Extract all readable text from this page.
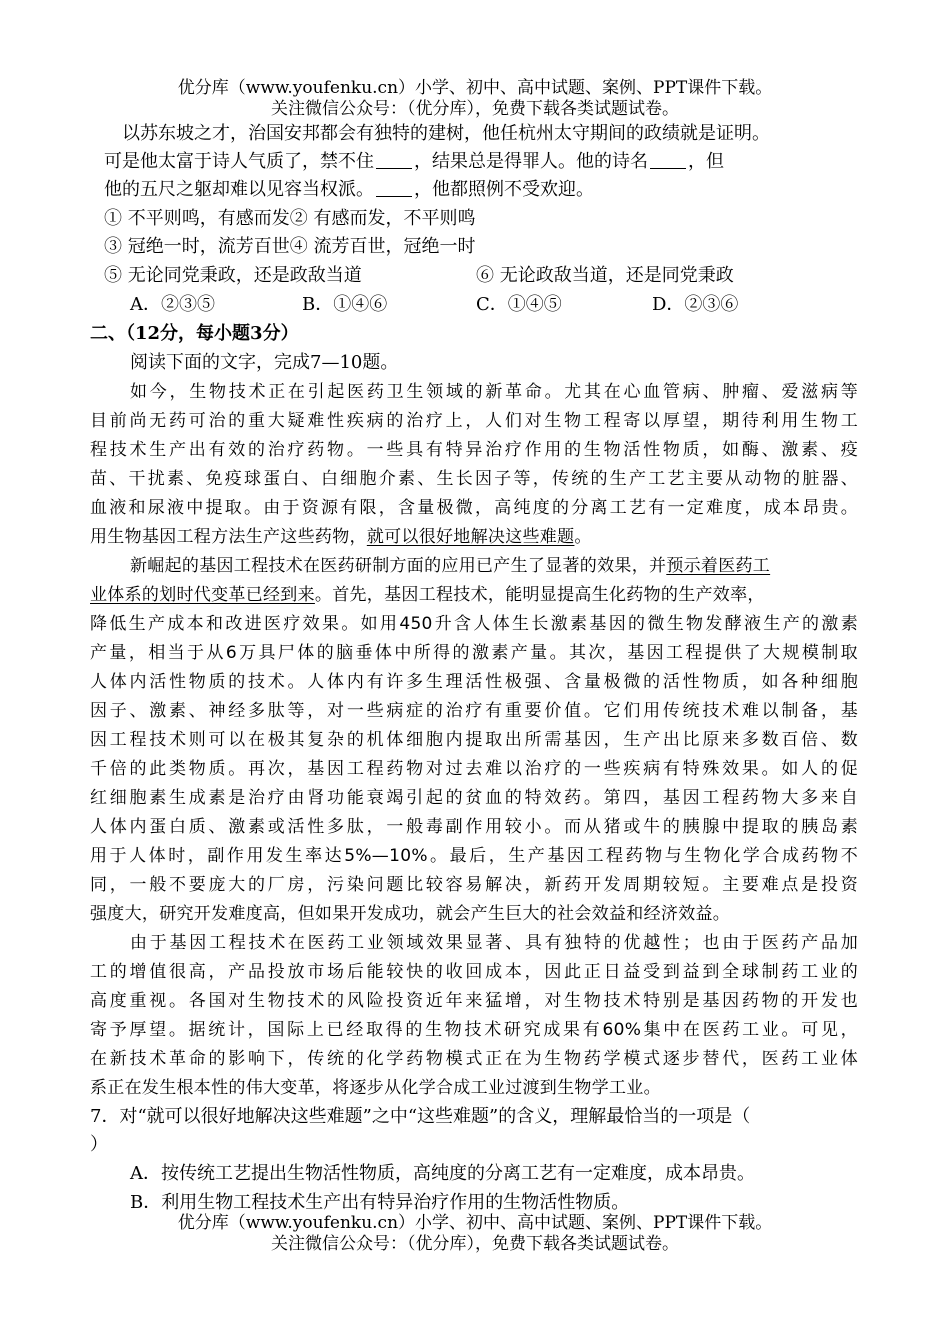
优分库（www.youfenku.cn）小学、初中、高中试题、案例、PPT课件下载。
关注微信公众号：（优分库），免费下载各类试题试卷。
以苏东坡之才，治国安邦都会有独特的建树，他任杭州太守期间的政绩就是证明。
可是他太富于诗人气质了，禁不住 ，结果总是得罪人。他的诗名 ，但
他的五尺之躯却难以见容当权派。 ，他都照例不受欢迎。
① 不平则鸣，有感而发② 有感而发，不平则鸣
③ 冠绝一时，流芳百世④ 流芳百世，冠绝一时
⑤ 无论同党秉政，还是政敌当道	⑥ 无论政敌当道，还是同党秉政
A．②③⑤	B．①④⑥	C．①④⑤	D．②③⑥
二、（12分，每小题3分）
阅读下面的文字，完成7—10题。
如今，生物技术正在引起医药卫生领域的新革命。尤其在心血管病、肿瘤、爱滋病等
目前尚无药可治的重大疑难性疾病的治疗上，人们对生物工程寄以厚望，期待利用生物工
程技术生产出有效的治疗药物。一些具有特异治疗作用的生物活性物质，如酶、激素、疫
苗、干扰素、免疫球蛋白、白细胞介素、生长因子等，传统的生产工艺主要从动物的脏器、
血液和尿液中提取。由于资源有限，含量极微，高纯度的分离工艺有一定难度，成本昂贵。
用生物基因工程方法生产这些药物，就可以很好地解决这些难题。
新崛起的基因工程技术在医药研制方面的应用已产生了显著的效果，并预示着医药工
业体系的划时代变革已经到来。首先，基因工程技术，能明显提高生化药物的生产效率，
降低生产成本和改进医疗效果。如用450升含人体生长激素基因的微生物发酵液生产的激素
产量，相当于从6万具尸体的脑垂体中所得的激素产量。其次，基因工程提供了大规模制取
人体内活性物质的技术。人体内有许多生理活性极强、含量极微的活性物质，如各种细胞
因子、激素、神经多肽等，对一些病症的治疗有重要价值。它们用传统技术难以制备，基
因工程技术则可以在极其复杂的机体细胞内提取出所需基因，生产出比原来多数百倍、数
千倍的此类物质。再次，基因工程药物对过去难以治疗的一些疾病有特殊效果。如人的促
红细胞素生成素是治疗由肾功能衰竭引起的贫血的特效药。第四，基因工程药物大多来自
人体内蛋白质、激素或活性多肽，一般毒副作用较小。而从猪或牛的胰腺中提取的胰岛素
用于人体时，副作用发生率达5%—10%。最后，生产基因工程药物与生物化学合成药物不
同，一般不要庞大的厂房，污染问题比较容易解决，新药开发周期较短。主要难点是投资
强度大，研究开发难度高，但如果开发成功，就会产生巨大的社会效益和经济效益。
由于基因工程技术在医药工业领域效果显著、具有独特的优越性；也由于医药产品加
工的增值很高，产品投放市场后能较快的收回成本，因此正日益受到益到全球制药工业的
高度重视。各国对生物技术的风险投资近年来猛增，对生物技术特别是基因药物的开发也
寄予厚望。据统计，国际上已经取得的生物技术研究成果有60%集中在医药工业。可见，
在新技术革命的影响下，传统的化学药物模式正在为生物药学模式逐步替代，医药工业体
系正在发生根本性的伟大变革，将逐步从化学合成工业过渡到生物学工业。
7．对“就可以很好地解决这些难题”之中“这些难题”的含义，理解最恰当的一项是（
）
A．按传统工艺提出生物活性物质，高纯度的分离工艺有一定难度，成本昂贵。
B．利用生物工程技术生产出有特异治疗作用的生物活性物质。
优分库（www.youfenku.cn）小学、初中、高中试题、案例、PPT课件下载。
关注微信公众号：（优分库），免费下载各类试题试卷。
